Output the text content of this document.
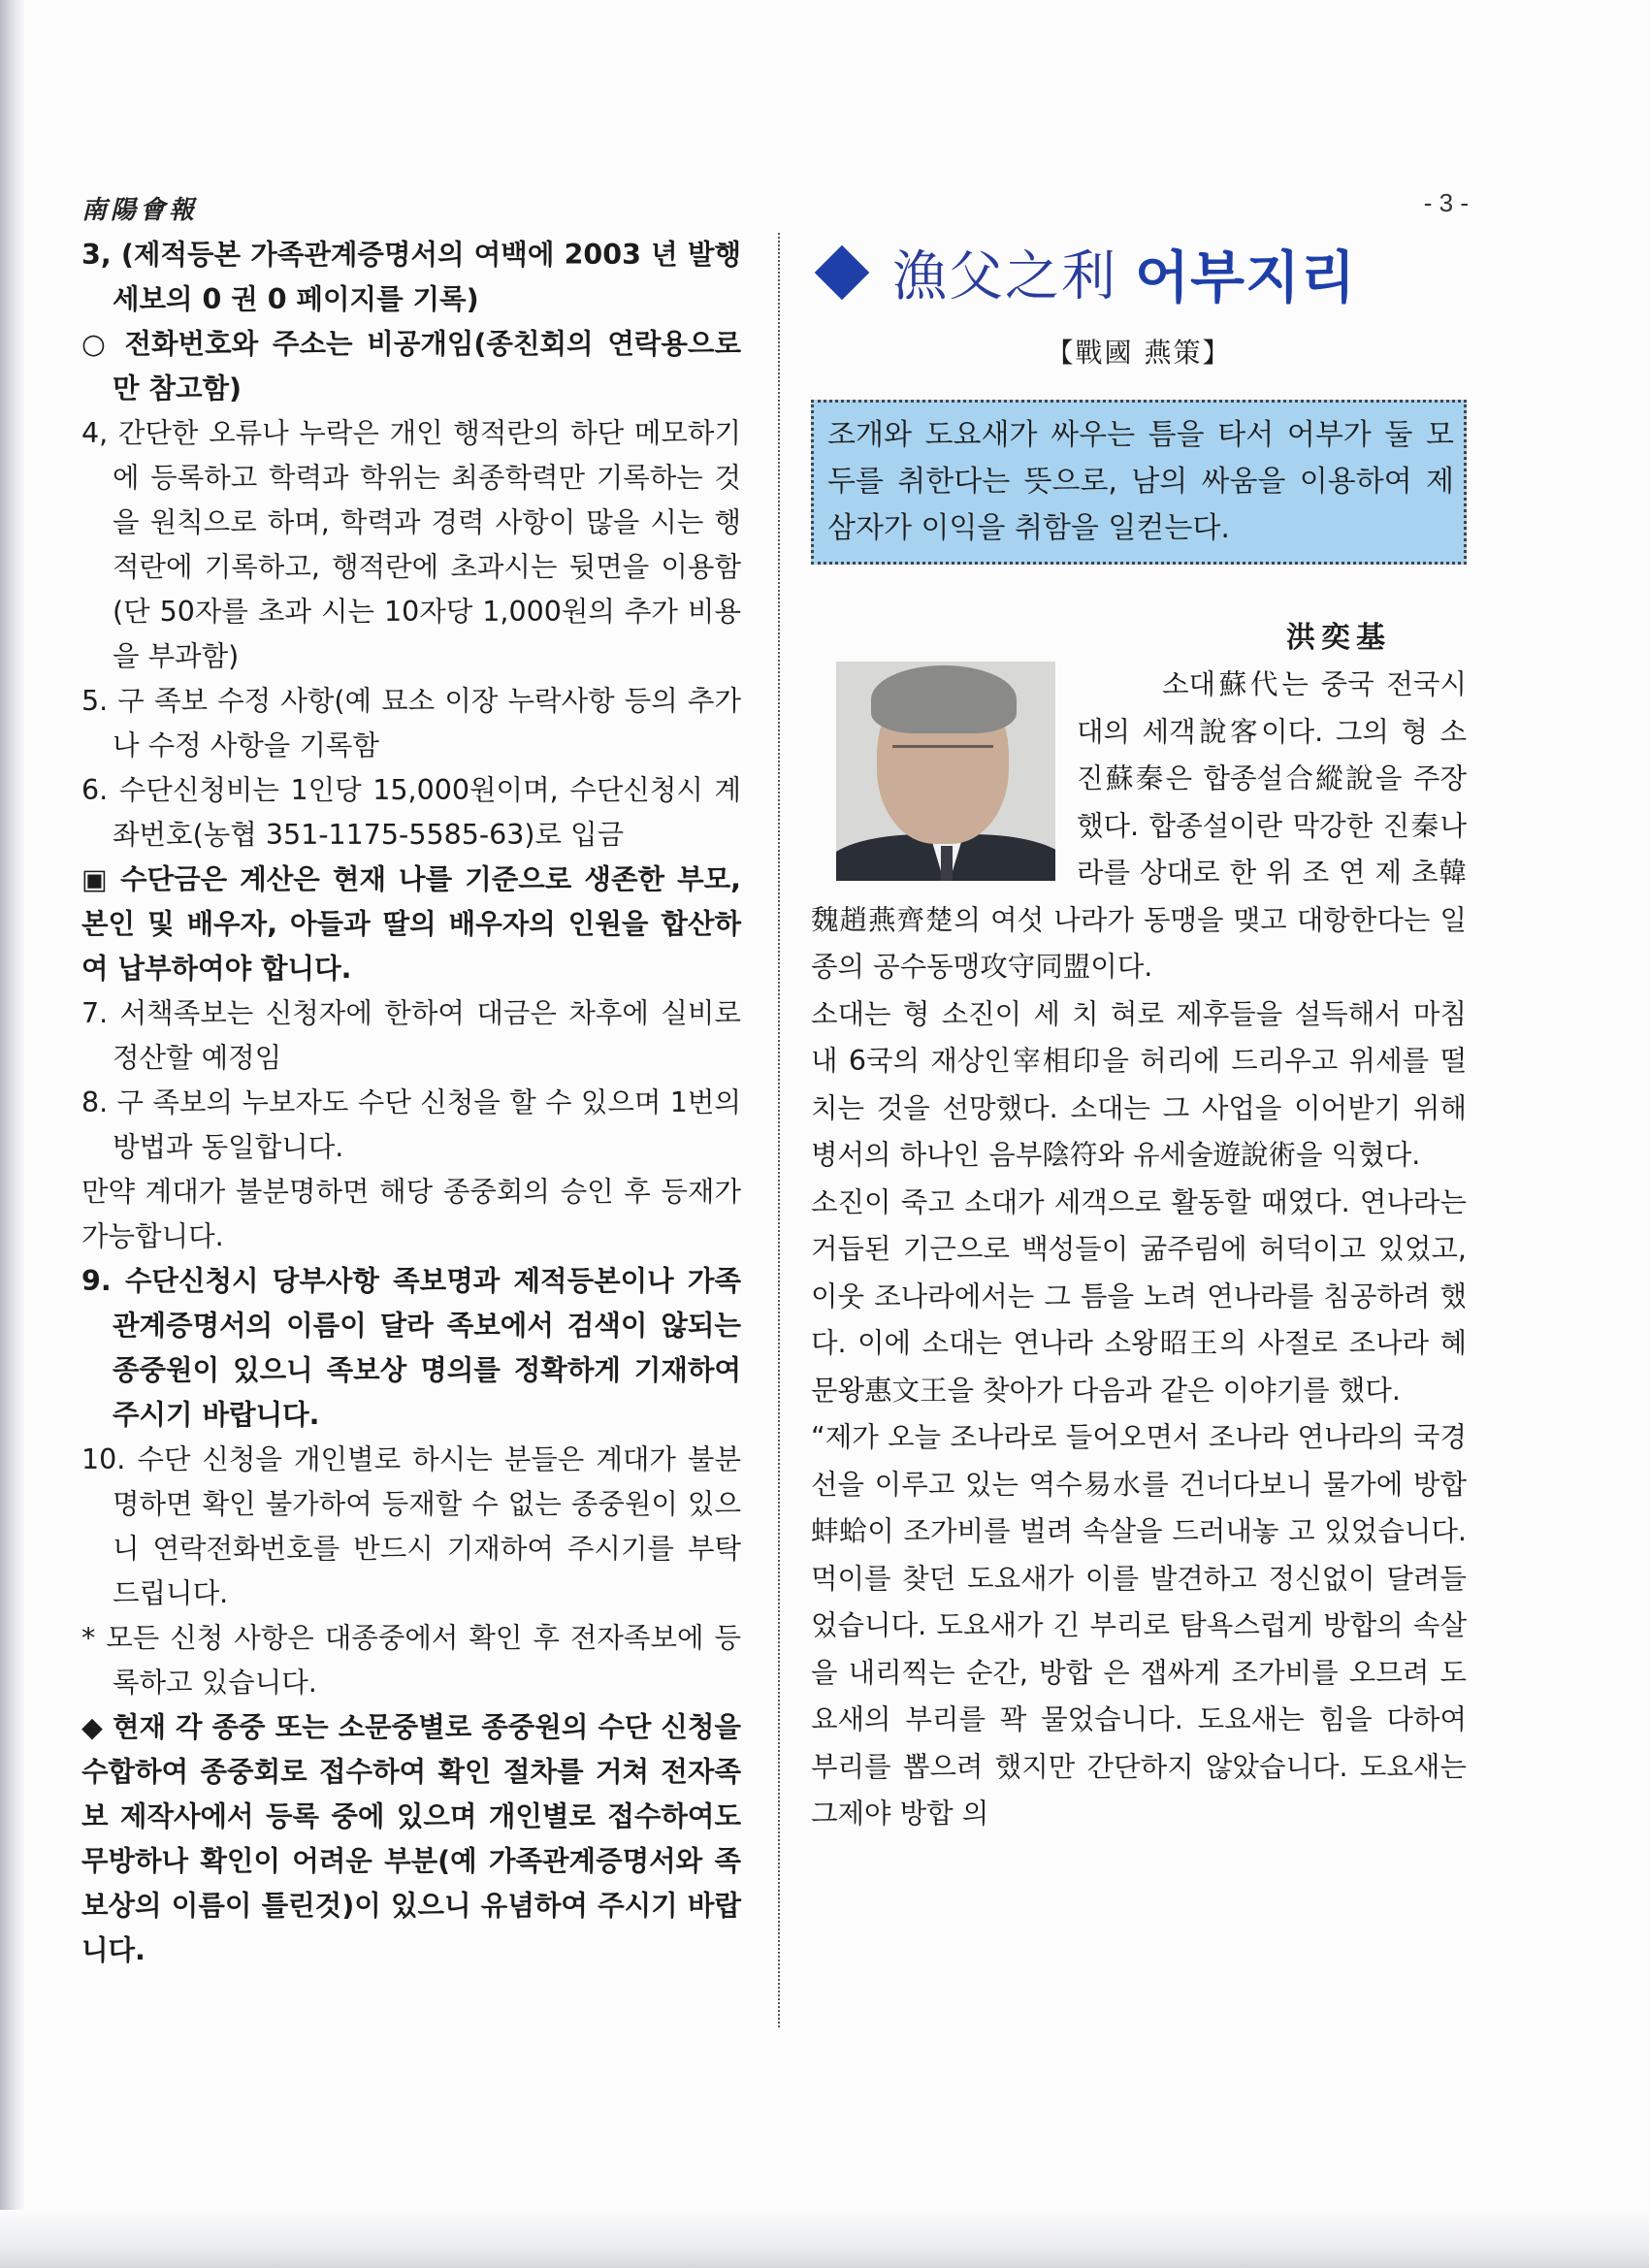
南陽會報	- 3 -

3, (제적등본 가족관계증명서의 여백에 2003 년 발행세보의 0 권 0 페이지를 기록)

○ 전화번호와 주소는 비공개임(종친회의 연락용으로만 참고함)

4, 간단한 오류나 누락은 개인 행적란의 하단 메모하기에 등록하고 학력과 학위는 최종학력만 기록하는 것을 원칙으로 하며, 학력과 경력 사항이 많을 시는 행적란에 기록하고, 행적란에 초과시는 뒷면을 이용함(단 50자를 초과 시는 10자당 1,000원의 추가 비용을 부과함)

5. 구 족보 수정 사항(예 묘소 이장 누락사항 등의 추가나 수정 사항을 기록함

6. 수단신청비는 1인당 15,000원이며, 수단신청시 계좌번호(농협 351-1175-5585-63)로 입금

▣ 수단금은 계산은 현재 나를 기준으로 생존한 부모, 본인 및 배우자, 아들과 딸의 배우자의 인원을 합산하여 납부하여야 합니다.

7. 서책족보는 신청자에 한하여 대금은 차후에 실비로 정산할 예정임

8. 구 족보의 누보자도 수단 신청을 할 수 있으며 1번의 방법과 동일합니다.

만약 계대가 불분명하면 해당 종중회의 승인 후 등재가 가능합니다.

9. 수단신청시 당부사항 족보명과 제적등본이나 가족관계증명서의 이름이 달라 족보에서 검색이 않되는 종중원이 있으니 족보상 명의를 정확하게 기재하여 주시기 바랍니다.

10. 수단 신청을 개인별로 하시는 분들은 계대가 불분명하면 확인 불가하여 등재할 수 없는 종중원이 있으니 연락전화번호를 반드시 기재하여 주시기를 부탁드립니다.

* 모든 신청 사항은 대종중에서 확인 후 전자족보에 등록하고 있습니다.

◆ 현재 각 종중 또는 소문중별로 종중원의 수단 신청을 수합하여 종중회로 접수하여 확인 절차를 거쳐 전자족보 제작사에서 등록 중에 있으며 개인별로 접수하여도 무방하나 확인이 어려운 부분(예 가족관계증명서와 족보상의 이름이 틀린것)이 있으니 유념하여 주시기 바랍니다.

漁父之利 어부지리
【戰國 燕策】
조개와 도요새가 싸우는 틈을 타서 어부가 둘 모두를 취한다는 뜻으로, 남의 싸움을 이용하여 제삼자가 이익을 취함을 일컫는다.
洪奕基

소대蘇代는 중국 전국시대의 세객說客이다. 그의 형 소진蘇秦은 합종설合縱說을 주장했다. 합종설이란 막강한 진秦나라를 상대로 한 위 조 연 제 초韓魏趙燕齊楚의 여섯 나라가 동맹을 맺고 대항한다는 일종의 공수동맹攻守同盟이다.

소대는 형 소진이 세 치 혀로 제후들을 설득해서 마침내 6국의 재상인宰相印을 허리에 드리우고 위세를 떨치는 것을 선망했다. 소대는 그 사업을 이어받기 위해 병서의 하나인 음부陰符와 유세술遊說術을 익혔다.

소진이 죽고 소대가 세객으로 활동할 때였다. 연나라는 거듭된 기근으로 백성들이 굶주림에 허덕이고 있었고, 이웃 조나라에서는 그 틈을 노려 연나라를 침공하려 했다. 이에 소대는 연나라 소왕昭王의 사절로 조나라 혜문왕惠文王을 찾아가 다음과 같은 이야기를 했다.

“제가 오늘 조나라로 들어오면서 조나라 연나라의 국경선을 이루고 있는 역수易水를 건너다보니 물가에 방합蚌蛤이 조가비를 벌려 속살을 드러내놓 고 있었습니다. 먹이를 찾던 도요새가 이를 발견하고 정신없이 달려들었습니다. 도요새가 긴 부리로 탐욕스럽게 방합의 속살을 내리찍는 순간, 방합 은 잽싸게 조가비를 오므려 도요새의 부리를 꽉 물었습니다. 도요새는 힘을 다하여 부리를 뽑으려 했지만 간단하지 않았습니다. 도요새는 그제야 방합 의
